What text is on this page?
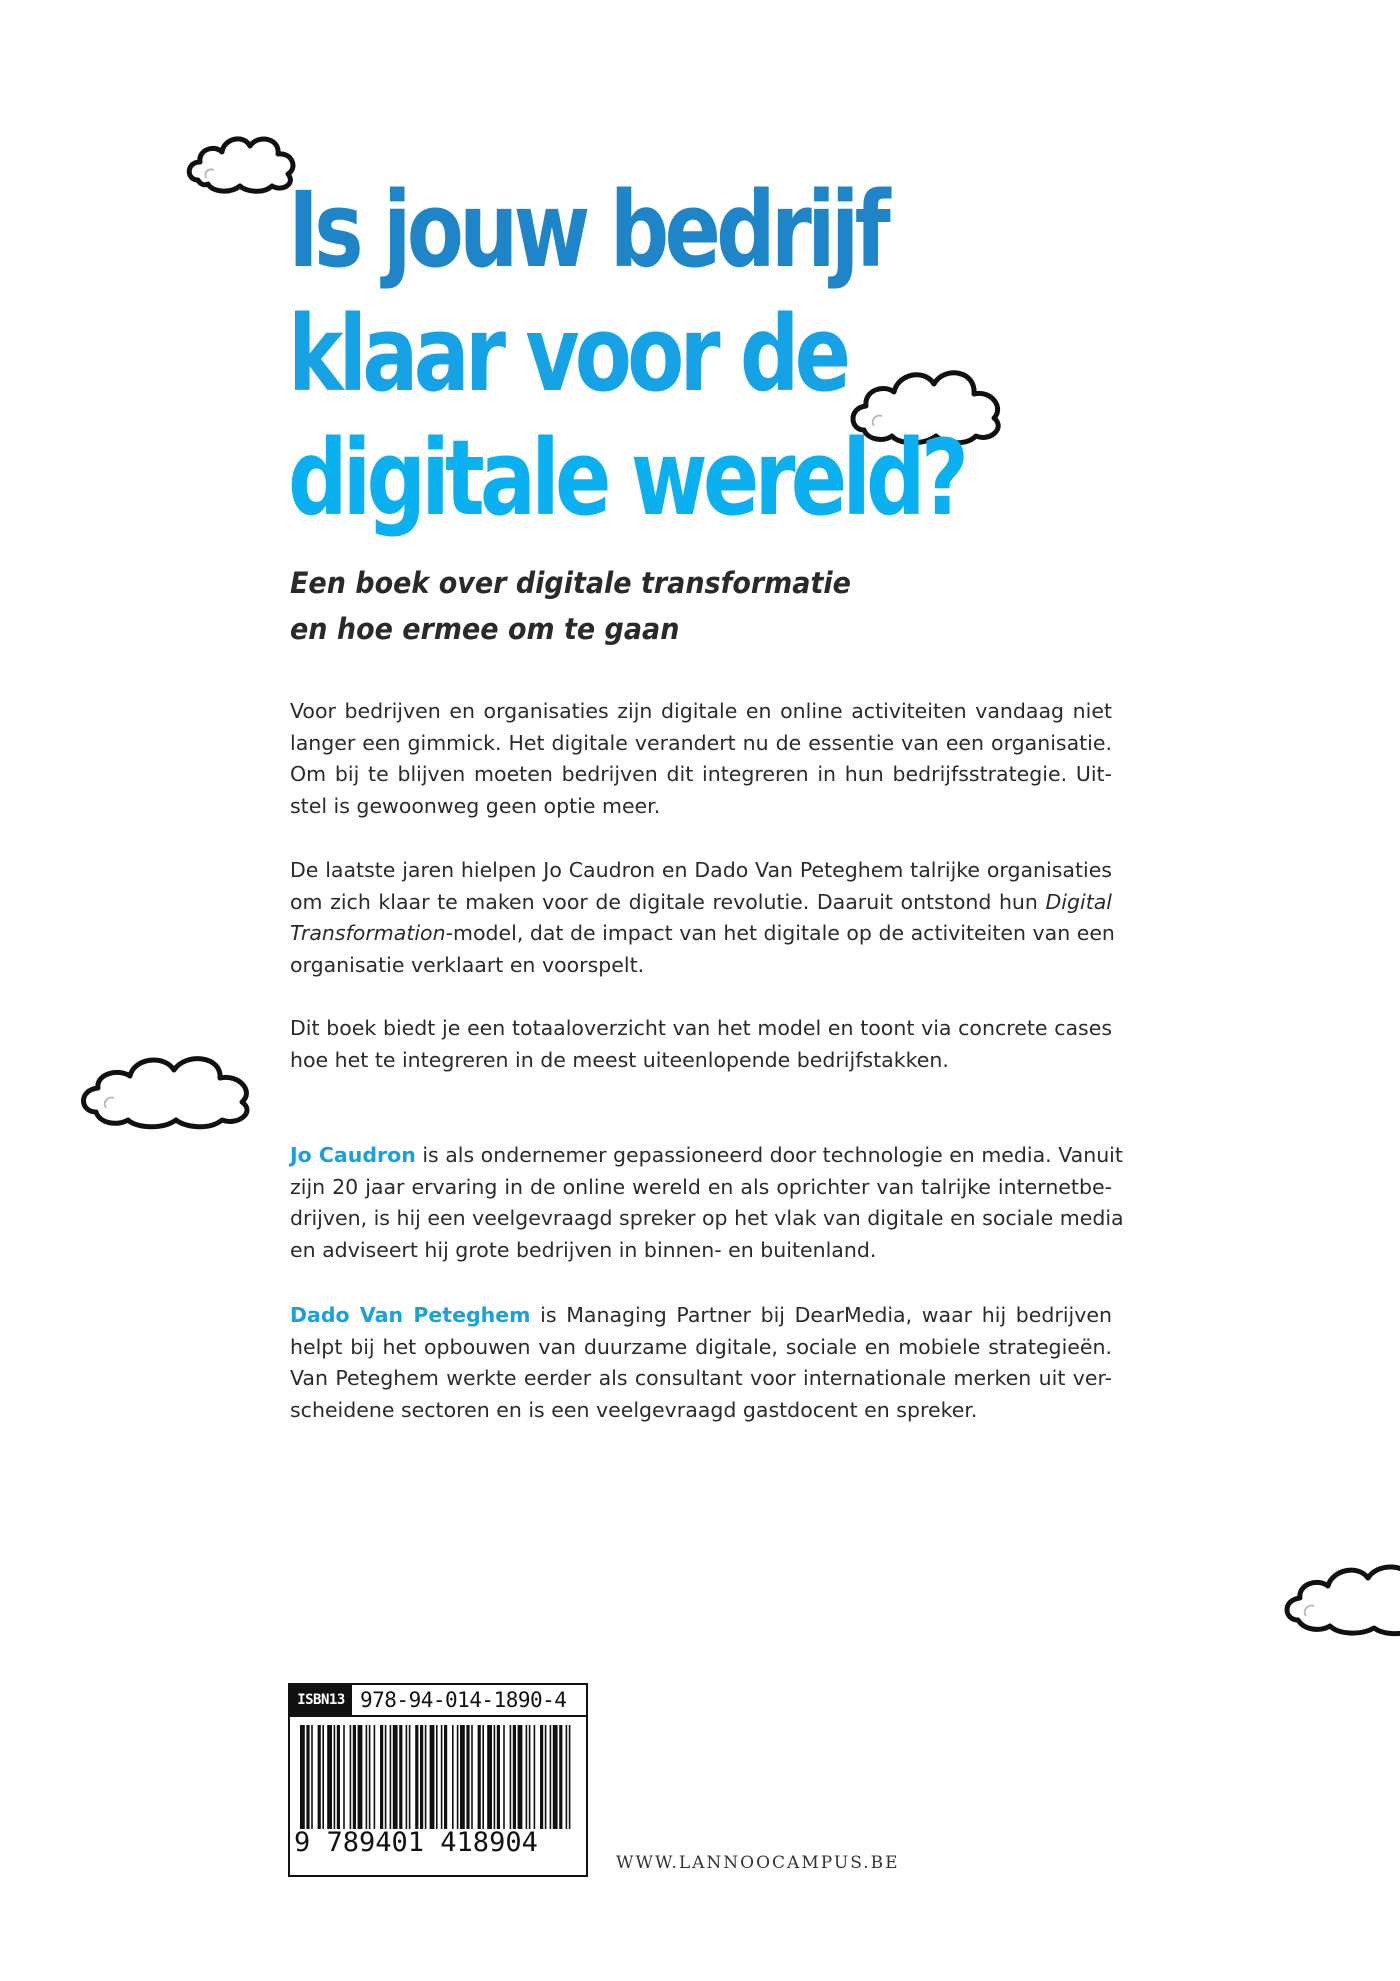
Is jouw bedrijf
klaar voor de
digitale wereld?
Een boek over digitale transformatie
en hoe ermee om te gaan

Voor bedrijven en organisaties zijn digitale en online activiteiten vandaag niet
langer een gimmick. Het digitale verandert nu de essentie van een organisatie.
Om bij te blijven moeten bedrijven dit integreren in hun bedrijfsstrategie. Uit-
stel is gewoonweg geen optie meer.

De laatste jaren hielpen Jo Caudron en Dado Van Peteghem talrijke organisaties
om zich klaar te maken voor de digitale revolutie. Daaruit ontstond hun Digital
Transformation-model, dat de impact van het digitale op de activiteiten van een
organisatie verklaart en voorspelt.

Dit boek biedt je een totaaloverzicht van het model en toont via concrete cases
hoe het te integreren in de meest uiteenlopende bedrijfstakken.

Jo Caudron is als ondernemer gepassioneerd door technologie en media. Vanuit
zijn 20 jaar ervaring in de online wereld en als oprichter van talrijke internetbe-
drijven, is hij een veelgevraagd spreker op het vlak van digitale en sociale media
en adviseert hij grote bedrijven in binnen- en buitenland.

Dado Van Peteghem is Managing Partner bij DearMedia, waar hij bedrijven
helpt bij het opbouwen van duurzame digitale, sociale en mobiele strategieën.
Van Peteghem werkte eerder als consultant voor internationale merken uit ver-
scheidene sectoren en is een veelgevraagd gastdocent en spreker.

ISBN13 978-94-014-1890-4
9 789401 418904
WWW.LANNOOCAMPUS.BE
